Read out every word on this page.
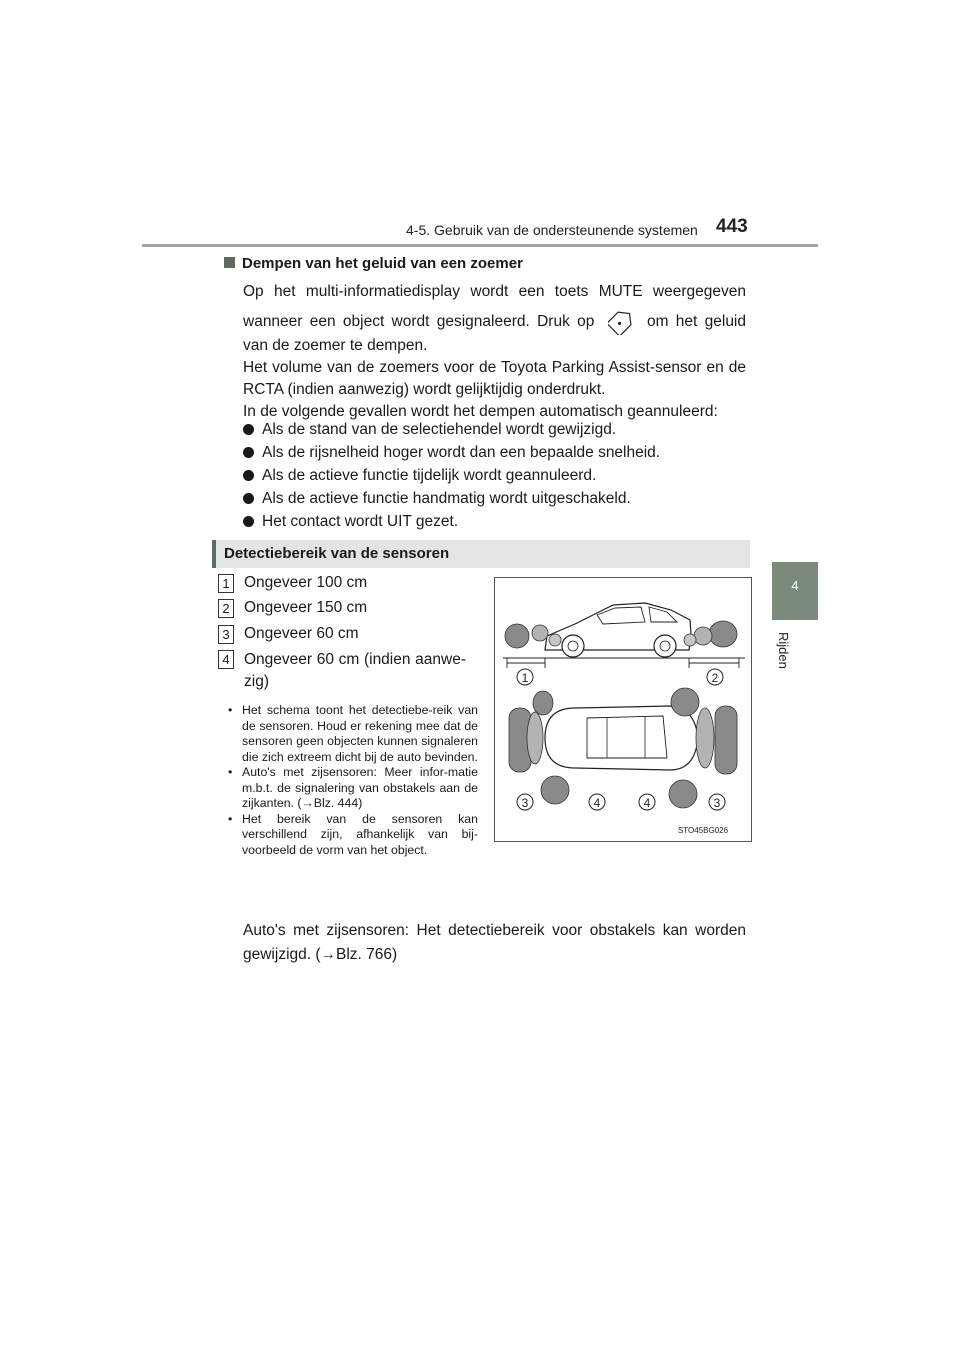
4-5. Gebruik van de ondersteunende systemen 443
4
Rijden
Dempen van het geluid van een zoemer
Op het multi-informatiedisplay wordt een toets MUTE weergegeven
wanneer een object wordt gesignaleerd. Druk op	om het geluid
van de zoemer te dempen.
Het volume van de zoemers voor de Toyota Parking Assist-sensor en de RCTA (indien aanwezig) wordt gelijktijdig onderdrukt.
In de volgende gevallen wordt het dempen automatisch geannuleerd:
Als de stand van de selectiehendel wordt gewijzigd.
Als de rijsnelheid hoger wordt dan een bepaalde snelheid.
Als de actieve functie tijdelijk wordt geannuleerd.
Als de actieve functie handmatig wordt uitgeschakeld.
Het contact wordt UIT gezet.
Detectiebereik van de sensoren
1 Ongeveer 100 cm
2 Ongeveer 150 cm
3 Ongeveer 60 cm
4 Ongeveer 60 cm (indien aanwe-zig)
• Het schema toont het detectiebe-reik van de sensoren. Houd er rekening mee dat de sensoren geen objecten kunnen signaleren die zich extreem dicht bij de auto bevinden.
• Auto's met zijsensoren: Meer infor-matie m.b.t. de signalering van obstakels aan de zijkanten. (→Blz. 444)
• Het bereik van de sensoren kan verschillend zijn, afhankelijk van bij-voorbeeld de vorm van het object.
Auto's met zijsensoren: Het detectiebereik voor obstakels kan worden gewijzigd. (→Blz. 766)
1	2
3	4	4	3
STO45BG026
